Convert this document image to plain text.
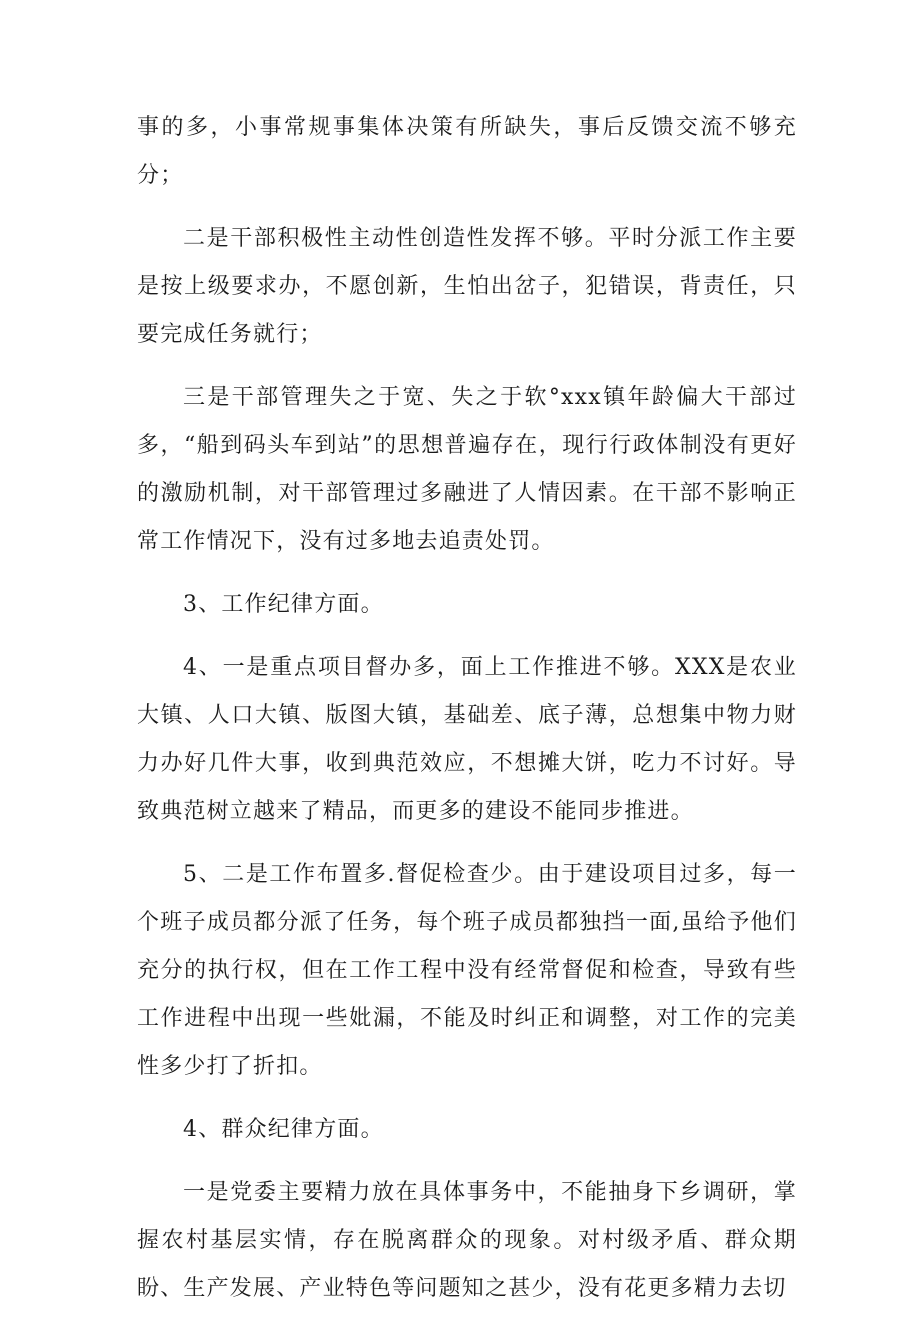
事的多，小事常规事集体决策有所缺失，事后反馈交流不够充分；

二是干部积极性主动性创造性发挥不够。平时分派工作主要是按上级要求办，不愿创新，生怕出岔子，犯错误，背责任，只要完成任务就行；

三是干部管理失之于宽、失之于软°xxx镇年龄偏大干部过多，“船到码头车到站”的思想普遍存在，现行行政体制没有更好的激励机制，对干部管理过多融进了人情因素。在干部不影响正常工作情况下，没有过多地去追责处罚。

3、工作纪律方面。

4、一是重点项目督办多，面上工作推进不够。XXX是农业大镇、人口大镇、版图大镇，基础差、底子薄，总想集中物力财力办好几件大事，收到典范效应，不想摊大饼，吃力不讨好。导致典范树立越来了精品，而更多的建设不能同步推进。

5、二是工作布置多.督促检查少。由于建设项目过多，每一个班子成员都分派了任务，每个班子成员都独挡一面,虽给予他们充分的执行权，但在工作工程中没有经常督促和检查，导致有些工作进程中出现一些妣漏，不能及时纠正和调整，对工作的完美性多少打了折扣。

4、群众纪律方面。

一是党委主要精力放在具体事务中，不能抽身下乡调研，掌握农村基层实情，存在脱离群众的现象。对村级矛盾、群众期盼、生产发展、产业特色等问题知之甚少，没有花更多精力去切
